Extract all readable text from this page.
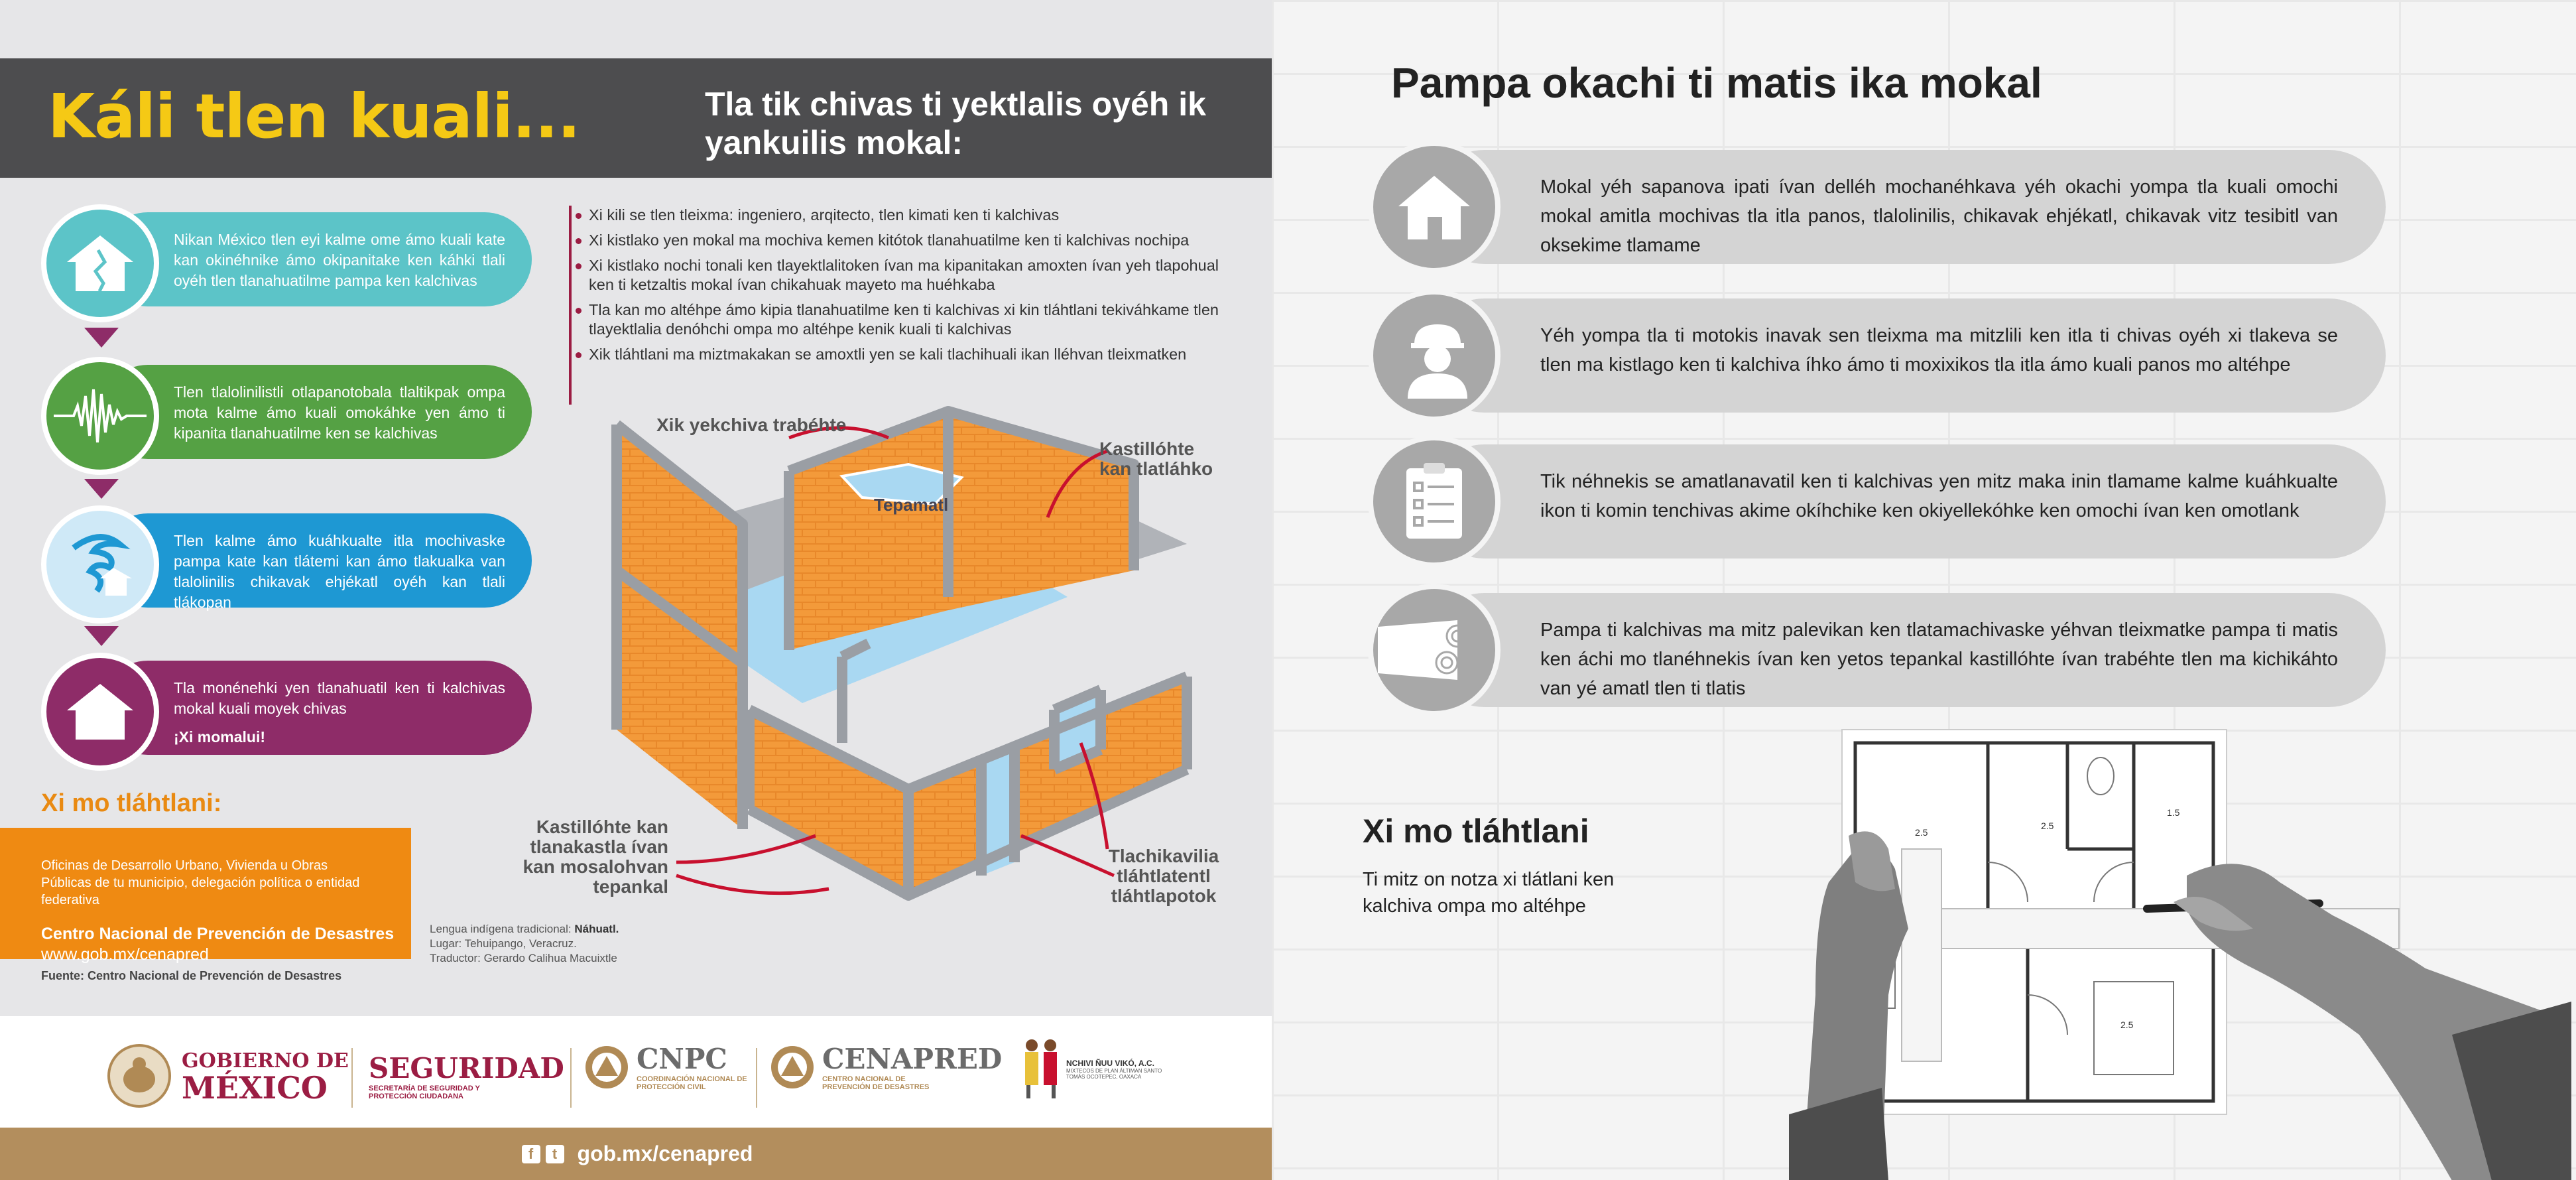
Káli tlen kuali...	Tla tik chivas ti yektlalis oyéh ik yankuilis mokal:
Nikan México tlen eyi kalme ome ámo kuali kate kan okinéhnike ámo okipanitake ken káhki tlali oyéh tlen tlanahuatilme pampa ken kalchivas
Tlen tlalolinilistli otlapanotobala tlaltikpak ompa mota kalme ámo kuali omokáhke yen ámo ti kipanita tlanahuatilme ken se kalchivas
Tlen kalme ámo kuáhkualte itla mochivaske pampa kate kan tlátemi kan ámo tlakualka van tlalolinilis chikavak ehjékatl oyéh kan tlali tlákopan
Tla monénehki yen tlanahuatil ken ti kalchivas mokal kuali moyek chivas
¡Xi momalui!
Xi mo tláhtlani:
Oficinas de Desarrollo Urbano, Vivienda u Obras Públicas de tu municipio, delegación política o entidad federativa
Centro Nacional de Prevención de Desastres
www.gob.mx/cenapred
Fuente: Centro Nacional de Prevención de Desastres
Lengua indígena tradicional: Náhuatl.
Lugar: Tehuipango, Veracruz.
Traductor: Gerardo Calihua Macuixtle
Xi kili se tlen tleixma: ingeniero, arqitecto, tlen kimati ken ti kalchivas
Xi kistlako yen mokal ma mochiva kemen kitótok tlanahuatilme ken ti kalchivas nochipa
Xi kistlako nochi tonali ken tlayektlalitoken ívan ma kipanitakan amoxten ívan yeh tlapohual ken ti ketzaltis mokal ívan chikahuak mayeto ma huéhkaba
Tla kan mo altéhpe ámo kipia tlanahuatilme ken ti kalchivas xi kin tláhtlani tekiváhkame tlen tlayektlalia denóhchi ompa mo altéhpe kenik kuali ti kalchivas
Xik tláhtlani ma miztmakakan se amoxtli yen se kali tlachihuali ikan lléhvan tleixmatken
Xik yekchiva trabéhte
Kastillóhte kan tlatláhko
Tepamatl
Kastillóhte kan tlanakastla ívan kan mosalohvan tepankal
Tlachikavilia tláhtlatentl tláhtlapotok
GOBIERNO DE
MÉXICO
SEGURIDAD
SECRETARÍA DE SEGURIDAD Y PROTECCIÓN CIUDADANA
CNPC
COORDINACIÓN NACIONAL DE PROTECCIÓN CIVIL
CENAPRED
CENTRO NACIONAL DE PREVENCIÓN DE DESASTRES
NCHIVI ÑUU VIKÓ, A.C.
MIXTECOS DE PLAN ÁLTIMAN SANTO TOMÁS OCOTEPEC, OAXACA
f	t gob.mx/cenapred
Pampa okachi ti matis ika mokal
Mokal yéh sapanova ipati ívan delléh mochanéhkava yéh okachi yompa tla kuali omochi mokal amitla mochivas tla itla panos, tlalolinilis, chikavak ehjékatl, chikavak vitz tesibitl van oksekime tlamame
Yéh yompa tla ti motokis inavak sen tleixma ma mitzlili ken itla ti chivas oyéh xi tlakeva se tlen ma kistlago ken ti kalchiva íhko ámo ti moxixikos tla itla ámo kuali panos mo altéhpe
Tik néhnekis se amatlanavatil ken ti kalchivas yen mitz maka inin tlamame kalme kuáhkualte ikon ti komin tenchivas akime okíhchike ken okiyellekóhke ken omochi ívan ken omotlank
Pampa ti kalchivas ma mitz palevikan ken tlatamachivaske yéhvan tleixmatke pampa ti matis ken áchi mo tlanéhnekis ívan ken yetos tepankal kastillóhte ívan trabéhte tlen ma kichikáhto van yé amatl tlen ti tlatis
Xi mo tláhtlani
Ti mitz on notza xi tlátlani ken kalchiva ompa mo altéhpe
2.5
2.5
1.5
2.5
